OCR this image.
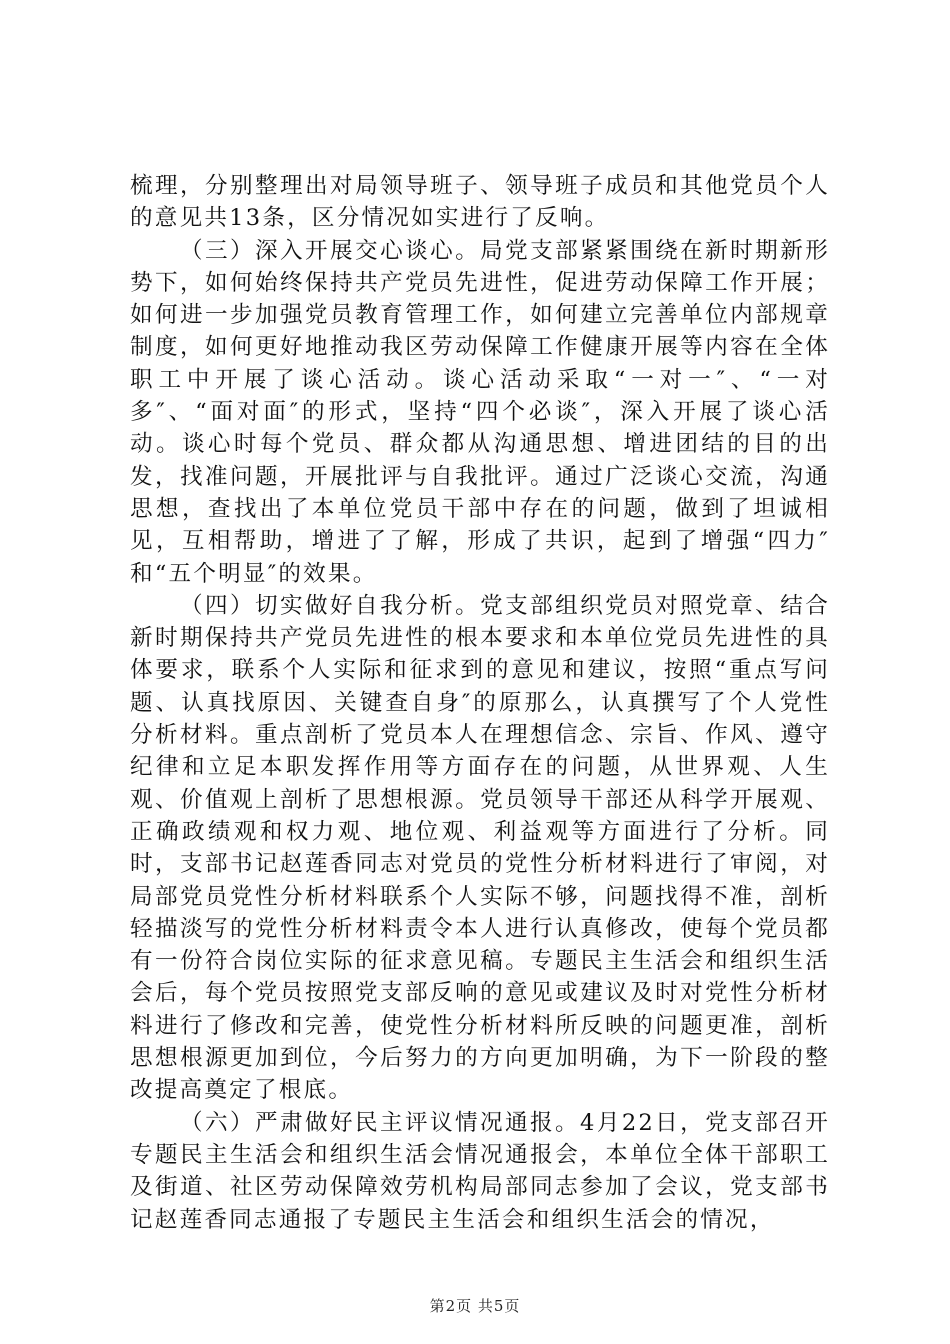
梳理，分别整理出对局领导班子、领导班子成员和其他党员个人的意见共13条，区分情况如实进行了反响。

（三）深入开展交心谈心。局党支部紧紧围绕在新时期新形势下，如何始终保持共产党员先进性，促进劳动保障工作开展；如何进一步加强党员教育管理工作，如何建立完善单位内部规章制度，如何更好地推动我区劳动保障工作健康开展等内容在全体职工中开展了谈心活动。谈心活动采取“一对一″、“一对多″、“面对面″的形式，坚持“四个必谈″，深入开展了谈心活动。谈心时每个党员、群众都从沟通思想、增进团结的目的出发，找准问题，开展批评与自我批评。通过广泛谈心交流，沟通思想，查找出了本单位党员干部中存在的问题，做到了坦诚相见，互相帮助，增进了了解，形成了共识，起到了增强“四力″和“五个明显″的效果。

（四）切实做好自我分析。党支部组织党员对照党章、结合新时期保持共产党员先进性的根本要求和本单位党员先进性的具体要求，联系个人实际和征求到的意见和建议，按照“重点写问题、认真找原因、关键查自身″的原那么，认真撰写了个人党性分析材料。重点剖析了党员本人在理想信念、宗旨、作风、遵守纪律和立足本职发挥作用等方面存在的问题，从世界观、人生观、价值观上剖析了思想根源。党员领导干部还从科学开展观、正确政绩观和权力观、地位观、利益观等方面进行了分析。同时，支部书记赵莲香同志对党员的党性分析材料进行了审阅，对局部党员党性分析材料联系个人实际不够，问题找得不准，剖析轻描淡写的党性分析材料责令本人进行认真修改，使每个党员都有一份符合岗位实际的征求意见稿。专题民主生活会和组织生活会后，每个党员按照党支部反响的意见或建议及时对党性分析材料进行了修改和完善，使党性分析材料所反映的问题更准，剖析思想根源更加到位，今后努力的方向更加明确，为下一阶段的整改提高奠定了根底。

（六）严肃做好民主评议情况通报。4月22日，党支部召开专题民主生活会和组织生活会情况通报会，本单位全体干部职工及街道、社区劳动保障效劳机构局部同志参加了会议，党支部书记赵莲香同志通报了专题民主生活会和组织生活会的情况，

第2页 共5页
